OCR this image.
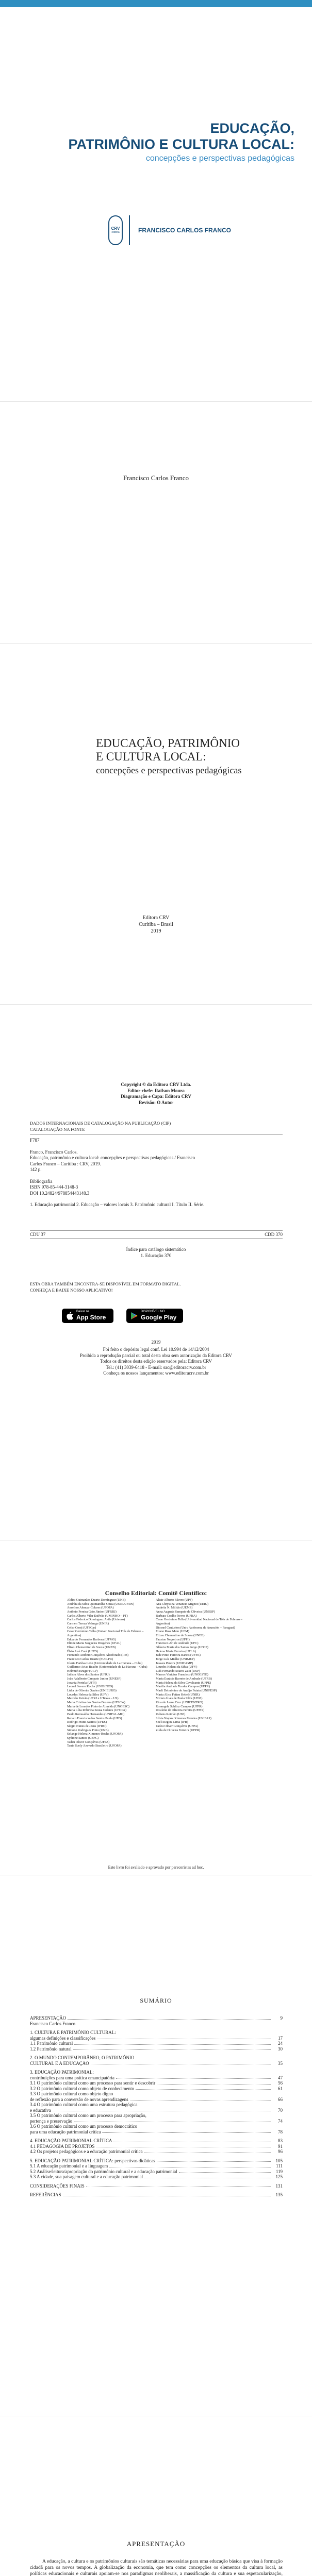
EDUCAÇÃO,
PATRIMÔNIO E CULTURA LOCAL:
concepções e perspectivas pedagógicas
CRV
editora	FRANCISCO CARLOS FRANCO
Francisco Carlos Franco
EDUCAÇÃO, PATRIMÔNIO
E CULTURA LOCAL:
concepções e perspectivas pedagógicas
Editora CRV
Curitiba – Brasil
2019
Copyright © da Editora CRV Ltda.
Editor-chefe: Railson Moura
Diagramação e Capa: Editora CRV
Revisão: O Autor
DADOS INTERNACIONAIS DE CATALOGAÇÃO NA PUBLICAÇÃO (CIP)
CATALOGAÇÃO NA FONTE
F787
Franco, Francisco Carlos.
Educação, patrimônio e cultura local: concepções e perspectivas pedagógicas / Francisco
Carlos Franco – Curitiba : CRV, 2019.
142 p.
Bibliografia
ISBN 978-85-444-3148-3
DOI 10.24824/978854443148.3
1. Educação patrimonial 2. Educação – valores locais 3. Patrimônio cultural I. Título II. Série.
CDU 37	CDD 370
Índice para catálogo sistemático
1. Educação 370
ESTA OBRA TAMBÉM ENCONTRA-SE DISPONÍVEL EM FORMATO DIGITAL.
CONHEÇA E BAIXE NOSSO APLICATIVO!
Baixar na
App Store
DISPONÍVEL NO
Google Play
2019
Foi feito o depósito legal conf. Lei 10.994 de 14/12/2004
Proibida a reprodução parcial ou total desta obra sem autorização da Editora CRV
Todos os direitos desta edição reservados pela: Editora CRV
Tel.: (41) 3039-6418 - E-mail: sac@editoracrv.com.br
Conheça os nossos lançamentos: www.editoracrv.com.br
Conselho Editorial: Comitê Científico:
Aldira Guimarães Duarte Domínguez (UNB)
Andréia da Silva Quintanilha Sousa (UNIR/UFRN)
Anselmo Alencar Colares (UFOPA)
Antônio Pereira Gaio Júnior (UFRRJ)
Carlos Alberto Vilar Estêvão (UMINHO – PT)
Carlos Federico Dominguez Avila (Unieuro)
Carmen Tereza Velanga (UNIR)
Celso Conti (UFSCar)
Cesar Gerónimo Tello (Univer. Nacional Três de Febrero – Argentina)
Eduardo Fernandes Barbosa (UFMG)
Elione Maria Nogueira Diogenes (UFAL)
Elizeu Clementino de Souza (UNEB)
Élsio José Corá (UFFS)
Fernando Antônio Gonçalves Alcoforado (IPB)
Francisco Carlos Duarte (PUC-PR)
Gloria Fariñas León (Universidade de La Havana – Cuba)
Guillermo Arias Beatón (Universidade de La Havana – Cuba)
Helmuth Krüger (UCP)
Jailson Alves dos Santos (UFRJ)
João Adalberto Campato Junior (UNESP)
Josania Portela (UFPI)
Leonel Severo Rocha (UNISINOS)
Lídia de Oliveira Xavier (UNIEURO)
Lourdes Helena da Silva (UFV)
Marcelo Paixão (UFRJ e UTexas – US)
Maria Cristina dos Santos Bezerra (UFSCar)
Maria de Lourdes Pinto de Almeida (UNOESC)
Maria Lília Imbiriba Sousa Colares (UFOPA)
Paulo Romualdo Hernandes (UNIFAL-MG)
Renato Francisco dos Santos Paula (UFG)
Rodrigo Pratte-Santos (UFES)
Sérgio Nunes de Jesus (IFRO)
Simone Rodrigues Pinto (UNB)
Solange Helena Ximenes-Rocha (UFOPA)
Sydione Santos (UEPG)
Tadeu Oliver Gonçalves (UFPA)
Tania Suely Azevedo Brasileiro (UFOPA)
Altair Alberto Fávero (UPF)
Ana Chrystina Venancio Mignot (UERJ)
Andréia N. Militão (UEMS)
Anna Augusta Sampaio de Oliveira (UNESP)
Barbara Coelho Neves (UFBA)
Cesar Gerónimo Tello (Universidad Nacional de Três de Febrero – Argentina)
Diosnel Centurion (Univ Autónoma de Asunción – Paraguai)
Eliane Rose Maio (UEM)
Elizeu Clementino de Souza (UNEB)
Fauston Negreiros (UFPI)
Francisco Ari de Andrade (UFC)
Gláucia Maria dos Santos Jorge (UFOP)
Helena Maria Ferreira (UFLA)
Jade Pinto Ferreira Bartos (UFPA)
Jorge Luís Mialhe (UNIMEP)
Jussara Pereira (UNICAMP)
Lourdes Helena da Silva (UFV)
Luís Fernando Soares Zuin (USP)
Marcos Vinicius Francisco (UNOESTE)
Maria Eurácia Barreto de Andrade (UFRB)
Maria Helena da Silva Cavalcante (UFPE)
Marília Andrade Torales Campos (UFPR)
Marli Delmônico de Araújo Futata (UNIFESP)
Marta Alice Feiten Hebel (UNIR)
Mirian Alves de Paula Silva (UEM)
Ricardo Leme Cruz (UNICENTRO)
Rosangela Schlinz Campos (UFPR)
Rosilene de Oliveira Pereira (UFMS)
Rubens Reimão (USP)
Silvia Nayara Ximenes Ferreira (UNIFAP)
Soeli Regina Lima (IFB)
Tadeu Oliver Gonçalves (UFPA)
Zilda de Oliveira Ferreira (UFPR)
Este livro foi avaliado e aprovado por pareceristas ad hoc.
SUMÁRIO
APRESENTAÇÃO	9
Francisco Carlos Franco
1. CULTURA E PATRIMÔNIO CULTURAL:
algumas definições e classificações	17
1.1 Patrimônio cultural	24
1.2 Patrimônio natural	30
2. O MUNDO CONTEMPORÂNEO, O PATRIMÔNIO
CULTURAL E A EDUCAÇÃO	35
3. EDUCAÇÃO PATRIMONIAL:
contribuições para uma prática emancipatória	47
3.1 O patrimônio cultural como um processo para sentir e descobrir	56
3.2 O patrimônio cultural como objeto de conhecimento	61
3.3 O patrimônio cultural como objeto digno
de reflexão para a conversão de novas aprendizagens	66
3.4 O patrimônio cultural como uma estrutura pedagógica
e educativa	70
3.5 O patrimônio cultural como um processo para apropriação,
pertença e preservação	74
3.6 O patrimônio cultural como um processo democrático
para uma educação patrimonial crítica	78
4. EDUCAÇÃO PATRIMONIAL CRÍTICA	83
4.1 PEDAGOGIA DE PROJETOS	91
4.2 Os projetos pedagógicos e a educação patrimonial crítica	96
5. EDUCAÇÃO PATRIMONIAL CRÍTICA: perspectivas didáticas	105
5.1 A educação patrimonial e a linguagem	111
5.2 Análise/leitura/apropriação do patrimônio cultural e a educação patrimonial	119
5.3 A cidade, sua paisagem cultural e a educação patrimonial	125
CONSIDERAÇÕES FINAIS	131
REFERÊNCIAS	135
APRESENTAÇÃO

A educação, a cultura e os patrimônios culturais são temáticas necessárias para uma educação básica que visa à formação cidadã para os novos tempos. A globalização da economia, que tem como concepções os elementos da cultura local, as políticas educacionais e culturais apoiam-se nos paradigmas neoliberais, a massificação da cultura e sua espetacularização,
